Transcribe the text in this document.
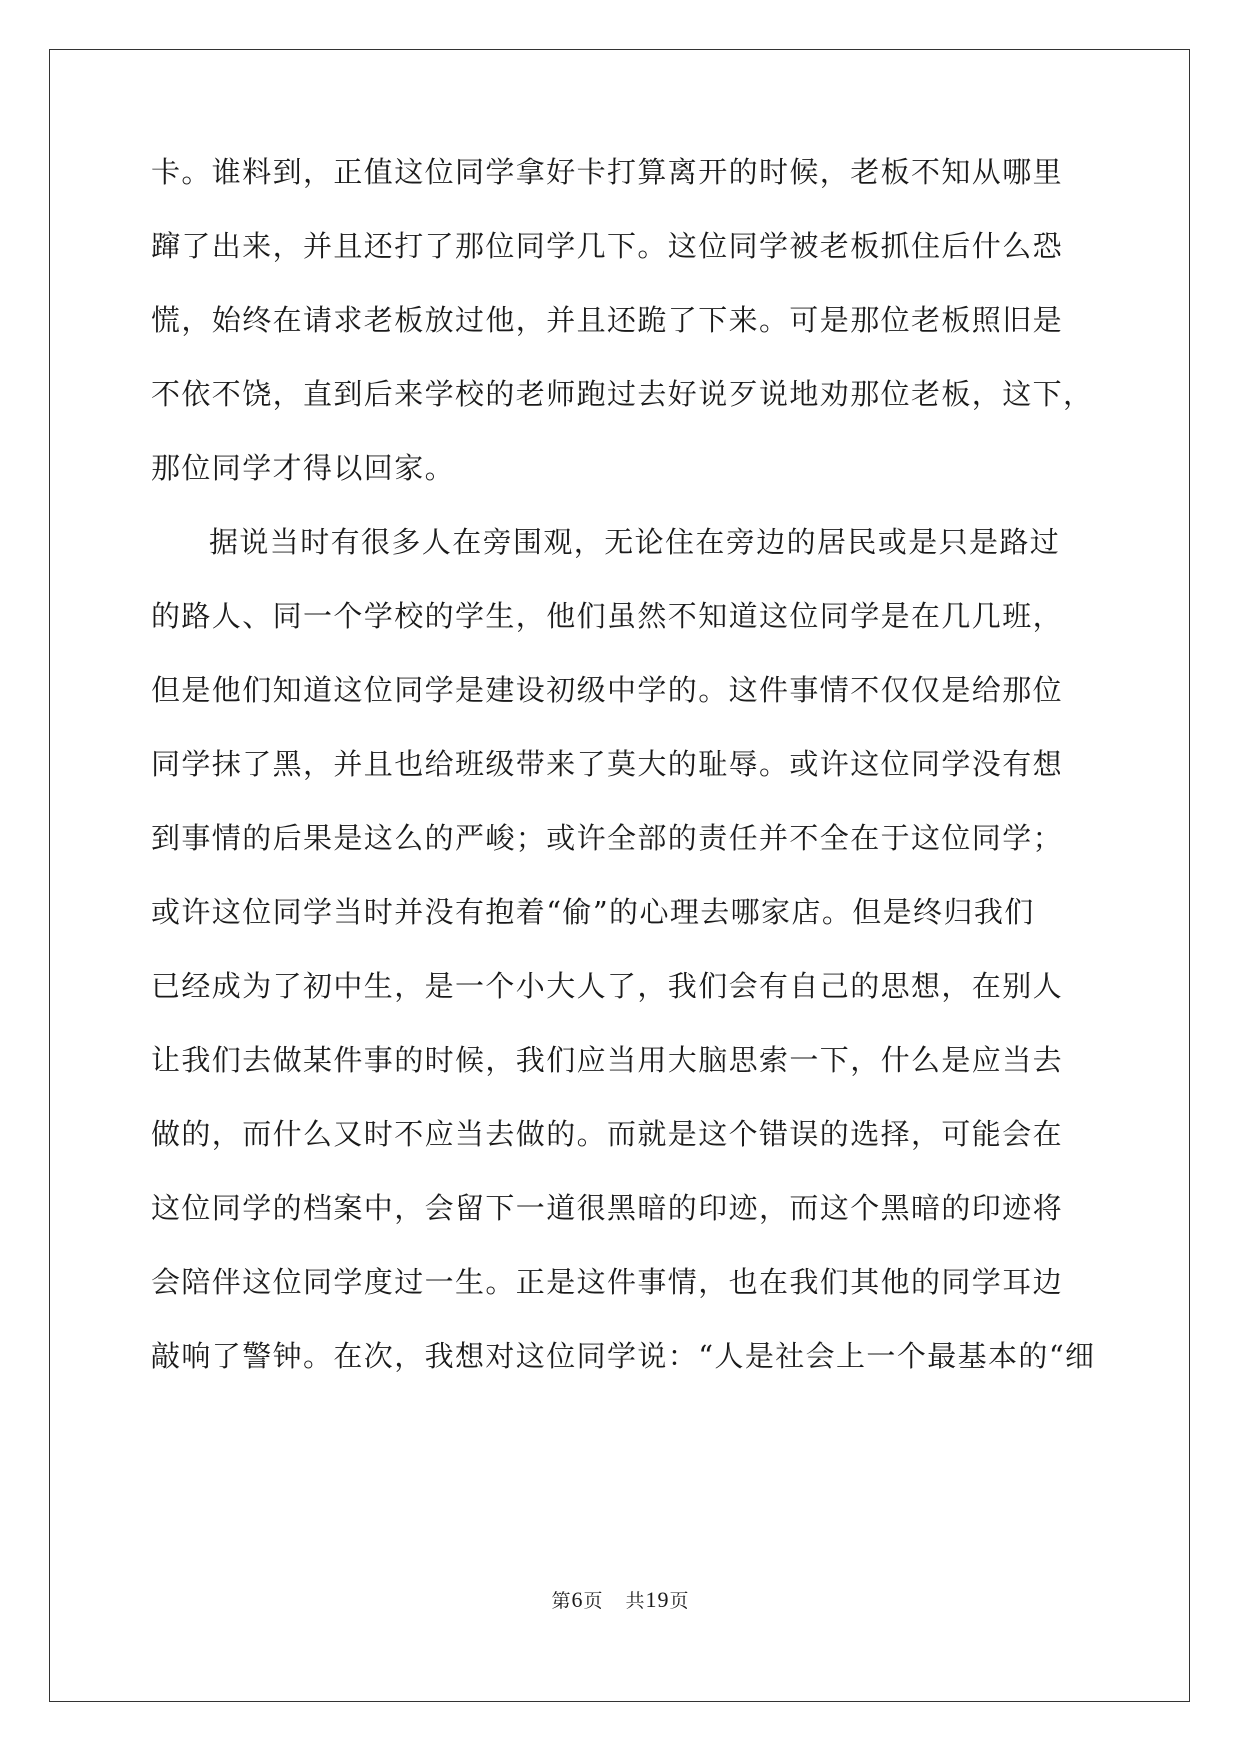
卡。谁料到，正值这位同学拿好卡打算离开的时候，老板不知从哪里
蹿了出来，并且还打了那位同学几下。这位同学被老板抓住后什么恐
慌，始终在请求老板放过他，并且还跪了下来。可是那位老板照旧是
不依不饶，直到后来学校的老师跑过去好说歹说地劝那位老板，这下，
那位同学才得以回家。
据说当时有很多人在旁围观，无论住在旁边的居民或是只是路过
的路人、同一个学校的学生，他们虽然不知道这位同学是在几几班，
但是他们知道这位同学是建设初级中学的。这件事情不仅仅是给那位
同学抹了黑，并且也给班级带来了莫大的耻辱。或许这位同学没有想
到事情的后果是这么的严峻；或许全部的责任并不全在于这位同学；
或许这位同学当时并没有抱着“偷”的心理去哪家店。但是终归我们
已经成为了初中生，是一个小大人了，我们会有自己的思想，在别人
让我们去做某件事的时候，我们应当用大脑思索一下，什么是应当去
做的，而什么又时不应当去做的。而就是这个错误的选择，可能会在
这位同学的档案中，会留下一道很黑暗的印迹，而这个黑暗的印迹将
会陪伴这位同学度过一生。正是这件事情，也在我们其他的同学耳边
敲响了警钟。在次，我想对这位同学说：“人是社会上一个最基本的“细
第6页 共19页
